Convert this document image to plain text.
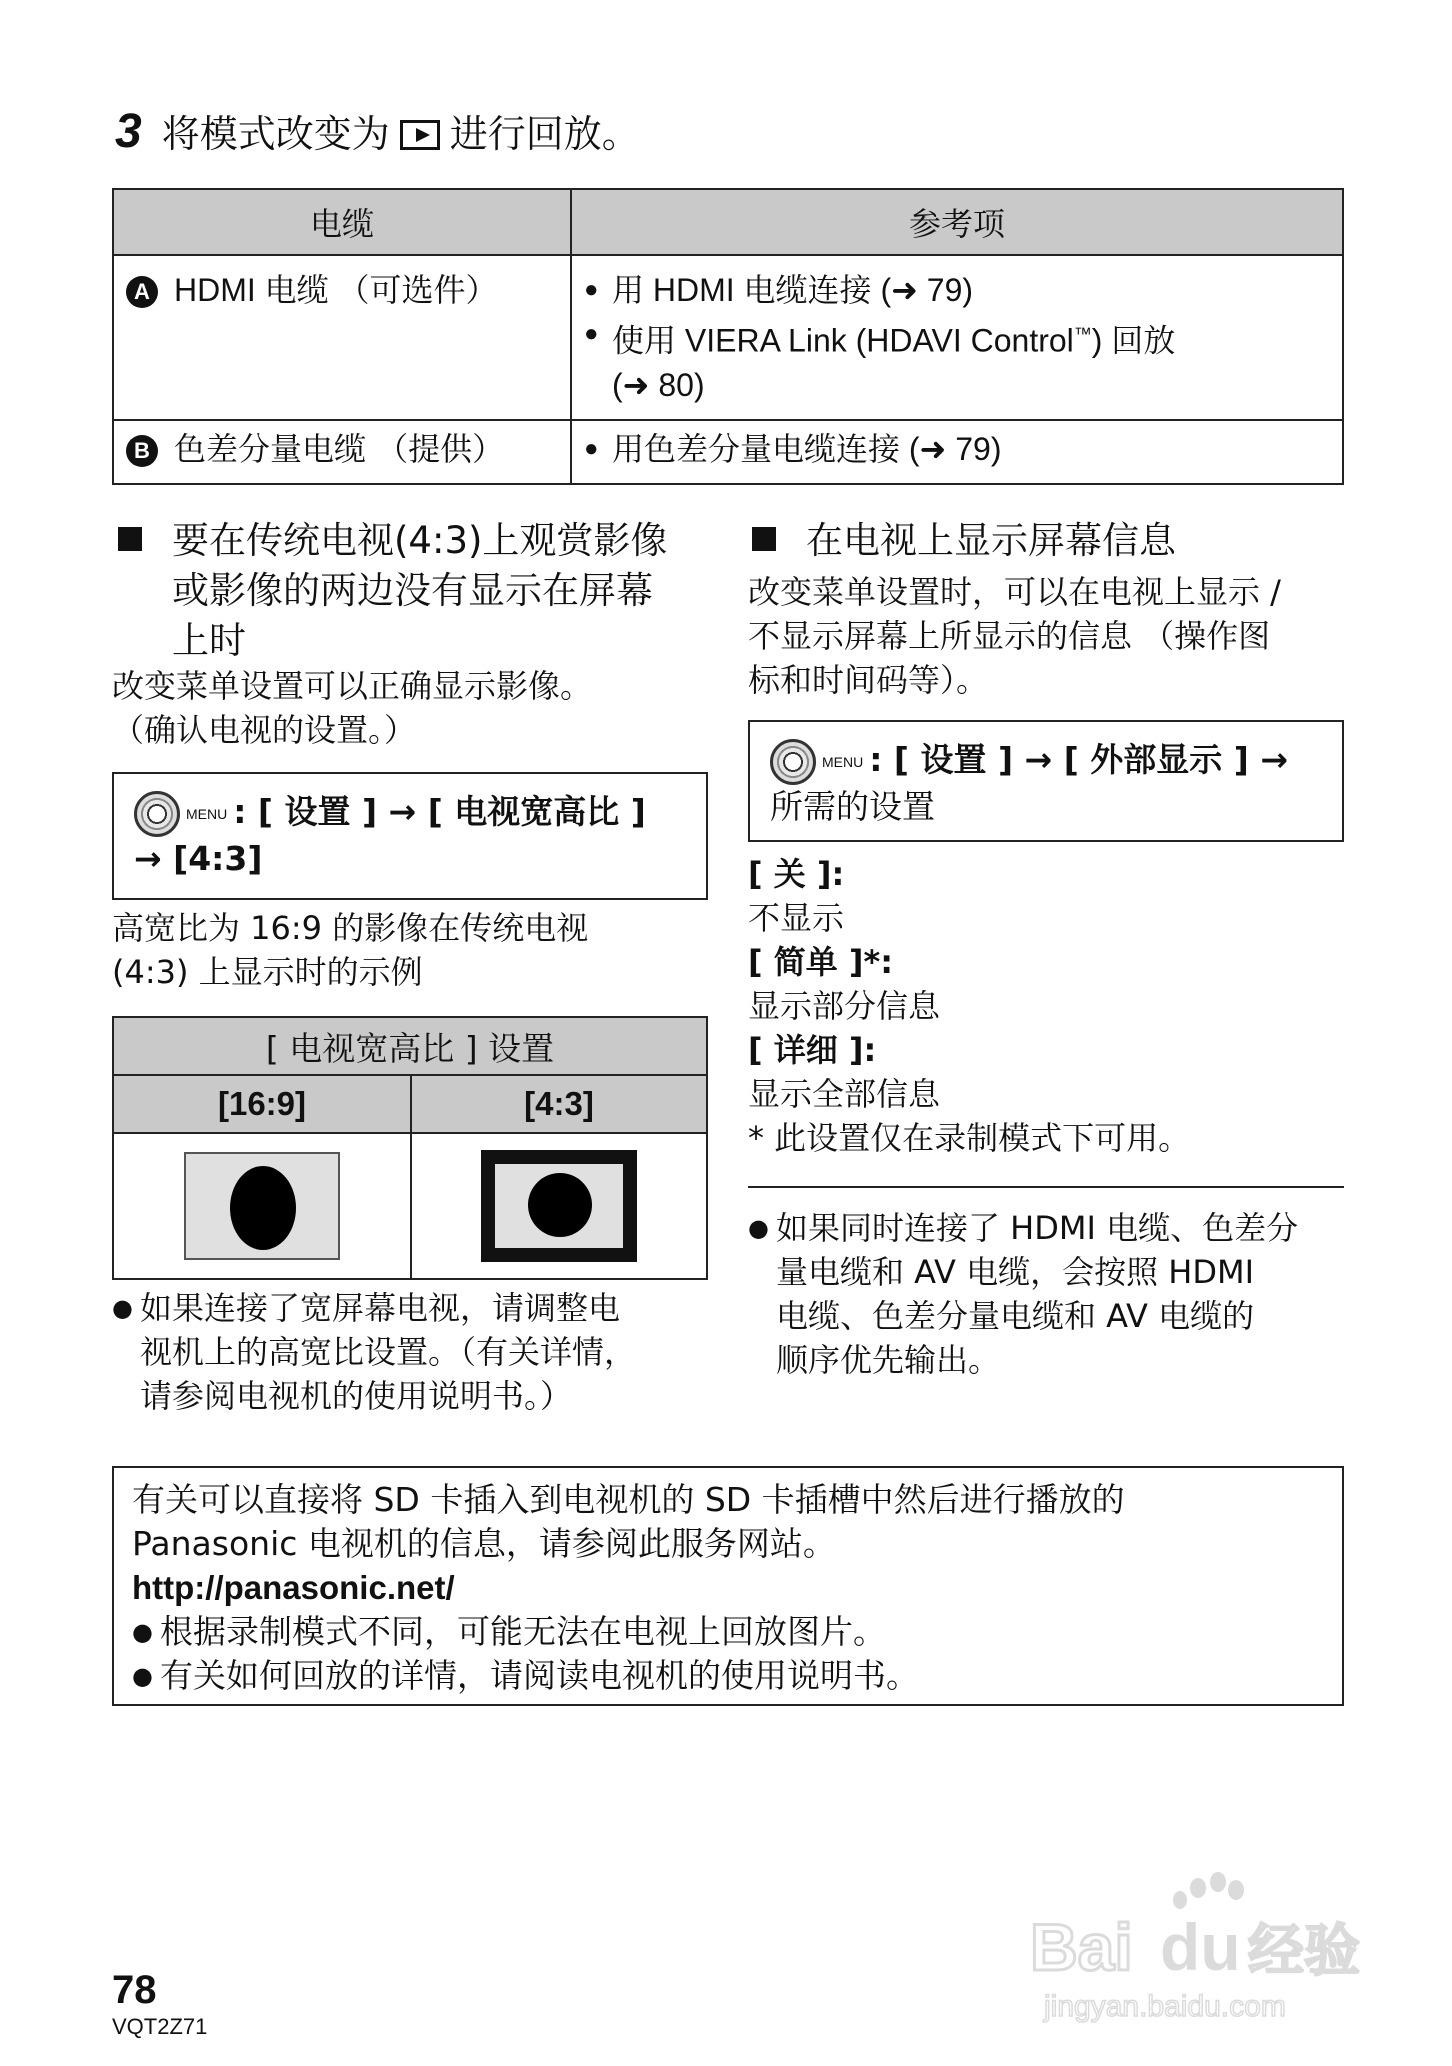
3 将模式改变为 进行回放。
电缆	参考项
A HDMI 电缆 （可选件）	● 用 HDMI 电缆连接 (➜ 79)
● 使用 VIERA Link (HDAVI Control™) 回放
(➜ 80)

B 色差分量电缆 （提供）	● 用色差分量电缆连接 (➜ 79)
要在传统电视(4:3)上观赏影像
或影像的两边没有显示在屏幕
上时
改变菜单设置可以正确显示影像。
（确认电视的设置。）
MENU : [ 设置 ] → [ 电视宽高比 ]
→ [4:3]
高宽比为 16:9 的影像在传统电视
(4:3) 上显示时的示例
[ 电视宽高比 ] 设置	
[16:9]	[4:3]

● 如果连接了宽屏幕电视，请调整电
视机上的高宽比设置。（有关详情，
请参阅电视机的使用说明书。）
在电视上显示屏幕信息
改变菜单设置时，可以在电视上显示 /
不显示屏幕上所显示的信息 （操作图
标和时间码等）。
MENU : [ 设置 ] → [ 外部显示 ] →
所需的设置
[ 关 ]:
不显示
[ 简单 ]*:
显示部分信息
[ 详细 ]:
显示全部信息
* 此设置仅在录制模式下可用。
● 如果同时连接了 HDMI 电缆、色差分
量电缆和 AV 电缆，会按照 HDMI
电缆、色差分量电缆和 AV 电缆的
顺序优先输出。
有关可以直接将 SD 卡插入到电视机的 SD 卡插槽中然后进行播放的
Panasonic 电视机的信息，请参阅此服务网站。
http://panasonic.net/
● 根据录制模式不同，可能无法在电视上回放图片。
● 有关如何回放的详情，请阅读电视机的使用说明书。
78
VQT2Z71
Bai du 经验
jingyan.baidu.com
